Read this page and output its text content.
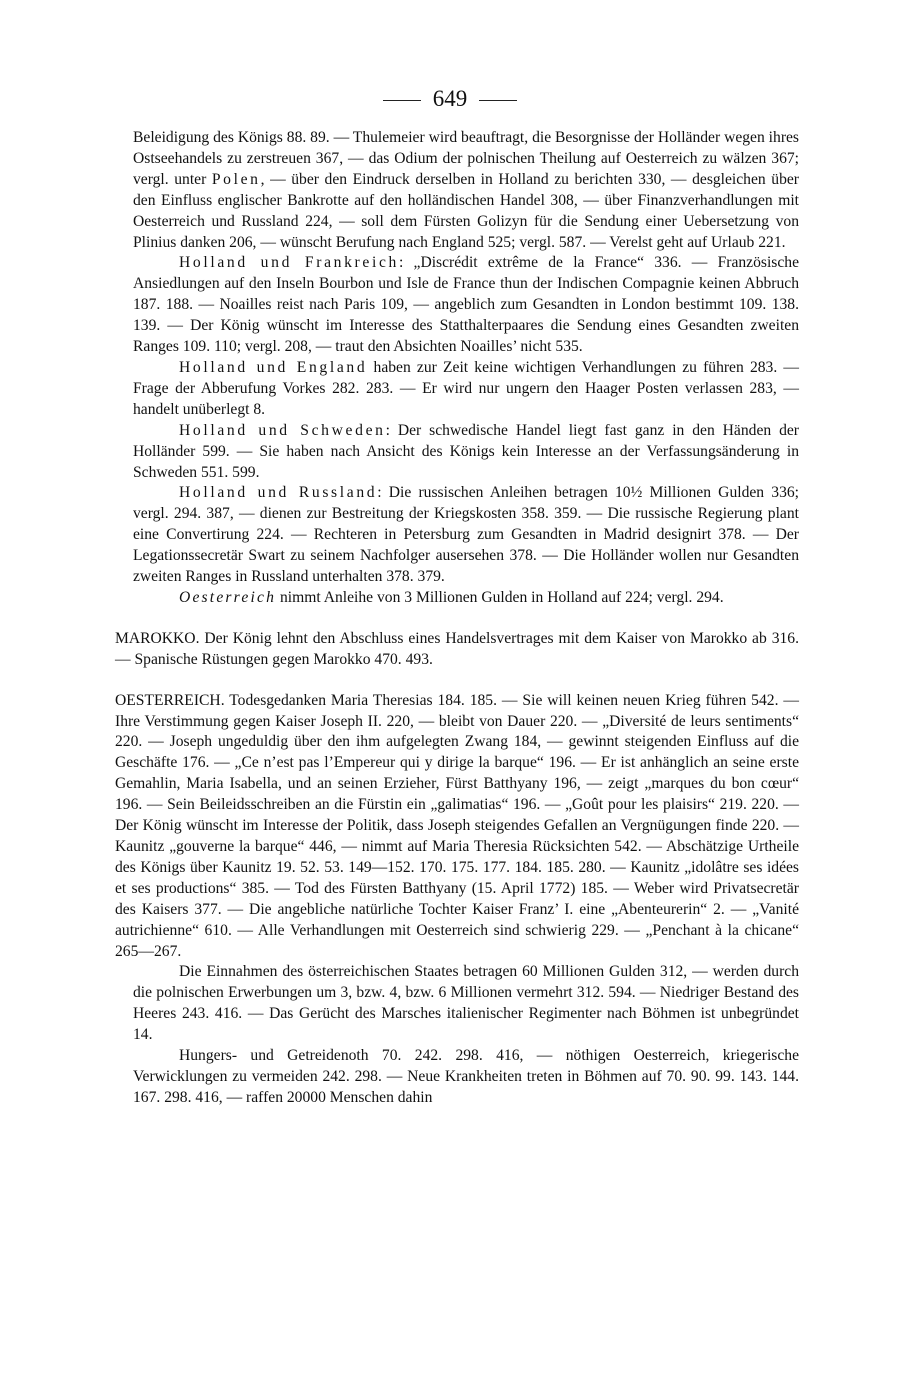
649

Beleidigung des Königs 88. 89. — Thulemeier wird beauftragt, die Besorgnisse der Holländer wegen ihres Ostseehandels zu zerstreuen 367, — das Odium der polnischen Theilung auf Oesterreich zu wälzen 367; vergl. unter Polen, — über den Eindruck derselben in Holland zu berichten 330, — desgleichen über den Einfluss englischer Bankrotte auf den holländischen Handel 308, — über Finanzverhandlungen mit Oesterreich und Russland 224, — soll dem Fürsten Golizyn für die Sendung einer Uebersetzung von Plinius danken 206, — wünscht Berufung nach England 525; vergl. 587. — Verelst geht auf Urlaub 221.

Holland und Frankreich: „Discrédit extrême de la France“ 336. — Französische Ansiedlungen auf den Inseln Bourbon und Isle de France thun der Indischen Compagnie keinen Abbruch 187. 188. — Noailles reist nach Paris 109, — angeblich zum Gesandten in London bestimmt 109. 138. 139. — Der König wünscht im Interesse des Statthalterpaares die Sendung eines Gesandten zweiten Ranges 109. 110; vergl. 208, — traut den Absichten Noailles’ nicht 535.

Holland und England haben zur Zeit keine wichtigen Verhandlungen zu führen 283. — Frage der Abberufung Vorkes 282. 283. — Er wird nur ungern den Haager Posten verlassen 283, — handelt unüberlegt 8.

Holland und Schweden: Der schwedische Handel liegt fast ganz in den Händen der Holländer 599. — Sie haben nach Ansicht des Königs kein Interesse an der Verfassungsänderung in Schweden 551. 599.

Holland und Russland: Die russischen Anleihen betragen 10½ Millionen Gulden 336; vergl. 294. 387, — dienen zur Bestreitung der Kriegskosten 358. 359. — Die russische Regierung plant eine Convertirung 224. — Rechteren in Petersburg zum Gesandten in Madrid designirt 378. — Der Legationssecretär Swart zu seinem Nachfolger ausersehen 378. — Die Holländer wollen nur Gesandten zweiten Ranges in Russland unterhalten 378. 379.

Oesterreich nimmt Anleihe von 3 Millionen Gulden in Holland auf 224; vergl. 294.

MAROKKO. Der König lehnt den Abschluss eines Handelsvertrages mit dem Kaiser von Marokko ab 316. — Spanische Rüstungen gegen Marokko 470. 493.

OESTERREICH. Todesgedanken Maria Theresias 184. 185. — Sie will keinen neuen Krieg führen 542. — Ihre Verstimmung gegen Kaiser Joseph II. 220, — bleibt von Dauer 220. — „Diversité de leurs sentiments“ 220. — Joseph ungeduldig über den ihm aufgelegten Zwang 184, — gewinnt steigenden Einfluss auf die Geschäfte 176. — „Ce n’est pas l’Empereur qui y dirige la barque“ 196. — Er ist anhänglich an seine erste Gemahlin, Maria Isabella, und an seinen Erzieher, Fürst Batthyany 196, — zeigt „marques du bon cœur“ 196. — Sein Beileidsschreiben an die Fürstin ein „galimatias“ 196. — „Goût pour les plaisirs“ 219. 220. — Der König wünscht im Interesse der Politik, dass Joseph steigendes Gefallen an Vergnügungen finde 220. — Kaunitz „gouverne la barque“ 446, — nimmt auf Maria Theresia Rücksichten 542. — Abschätzige Urtheile des Königs über Kaunitz 19. 52. 53. 149—152. 170. 175. 177. 184. 185. 280. — Kaunitz „idolâtre ses idées et ses productions“ 385. — Tod des Fürsten Batthyany (15. April 1772) 185. — Weber wird Privatsecretär des Kaisers 377. — Die angebliche natürliche Tochter Kaiser Franz’ I. eine „Abenteurerin“ 2. — „Vanité autrichienne“ 610. — Alle Verhandlungen mit Oesterreich sind schwierig 229. — „Penchant à la chicane“ 265—267.

Die Einnahmen des österreichischen Staates betragen 60 Millionen Gulden 312, — werden durch die polnischen Erwerbungen um 3, bzw. 4, bzw. 6 Millionen vermehrt 312. 594. — Niedriger Bestand des Heeres 243. 416. — Das Gerücht des Marsches italienischer Regimenter nach Böhmen ist unbegründet 14.

Hungers- und Getreidenoth 70. 242. 298. 416, — nöthigen Oesterreich, kriegerische Verwicklungen zu vermeiden 242. 298. — Neue Krankheiten treten in Böhmen auf 70. 90. 99. 143. 144. 167. 298. 416, — raffen 20000 Menschen dahin
